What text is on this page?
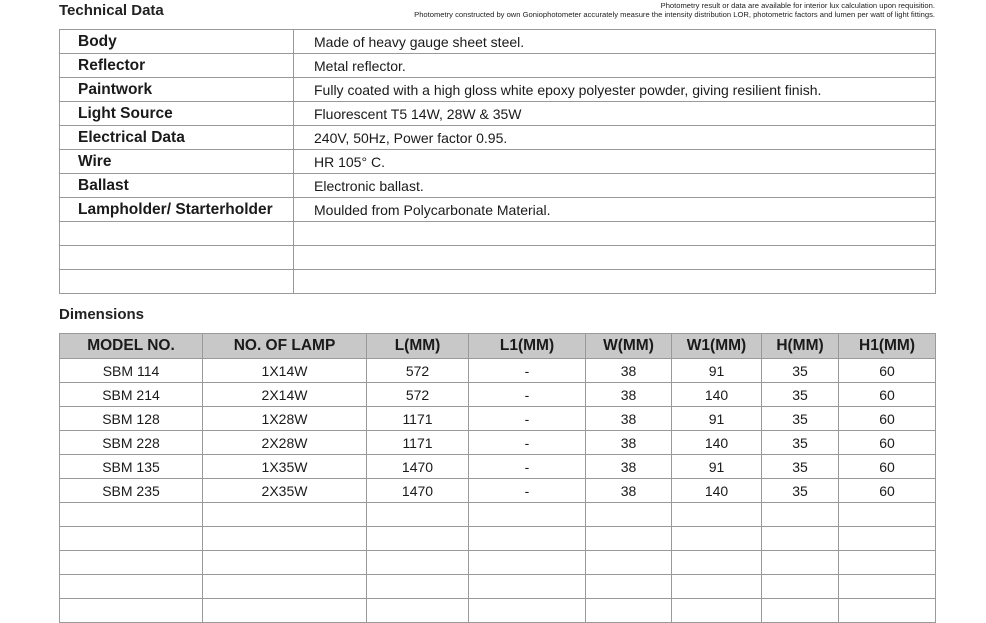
Technical Data	Photometry result or data are available for interior lux calculation upon requisition.
Photometry constructed by own Goniophotometer accurately measure the intensity distribution LOR, photometric factors and lumen per watt of light fittings.
Body	Made of heavy gauge sheet steel.
Reflector	Metal reflector.
Paintwork	Fully coated with a high gloss white epoxy polyester powder, giving resilient finish.
Light Source	Fluorescent T5 14W, 28W & 35W
Electrical Data	240V, 50Hz, Power factor 0.95.
Wire	HR 105° C.
Ballast	Electronic ballast.
Lampholder/ Starterholder	Moulded from Polycarbonate Material.

Dimensions
MODEL NO.	NO. OF LAMP	L(MM)	L1(MM)	W(MM)	W1(MM)	H(MM)	H1(MM)
SBM 114	1X14W	572	-	38	91	35	60
SBM 214	2X14W	572	-	38	140	35	60
SBM 128	1X28W	1171	-	38	91	35	60
SBM 228	2X28W	1171	-	38	140	35	60
SBM 135	1X35W	1470	-	38	91	35	60
SBM 235	2X35W	1470	-	38	140	35	60
